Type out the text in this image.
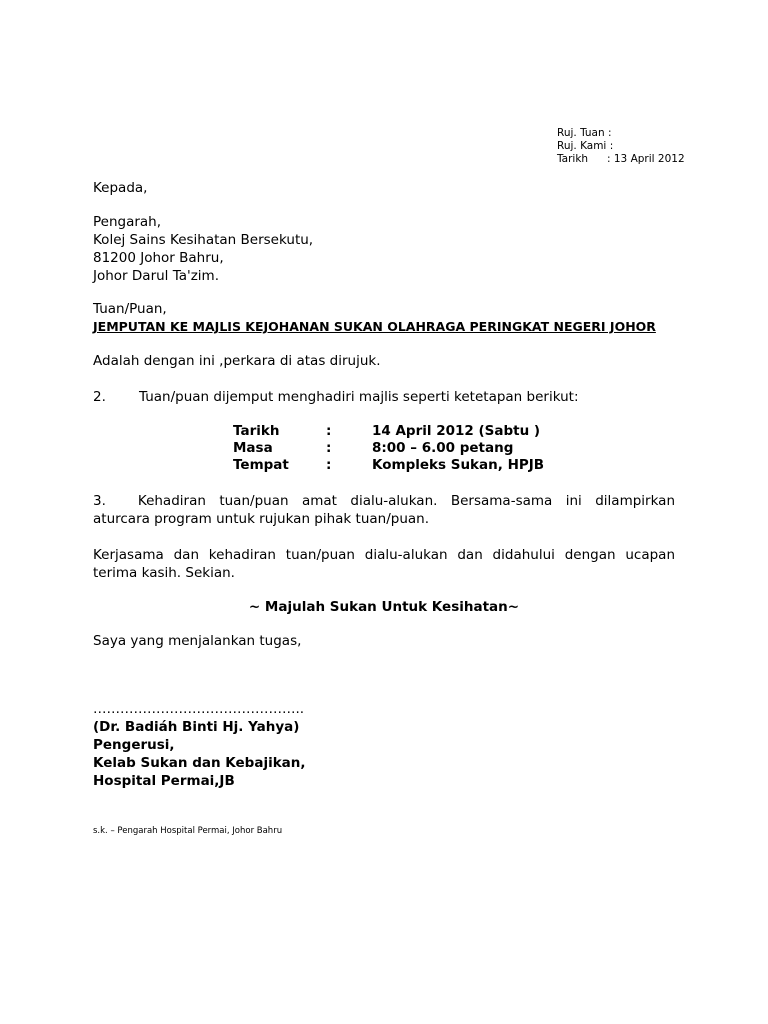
Ruj. Tuan :
Ruj. Kami :
Tarikh : 13 April 2012
Kepada,
Pengarah,
Kolej Sains Kesihatan Bersekutu,
81200 Johor Bahru,
Johor Darul Ta'zim.
Tuan/Puan,
JEMPUTAN KE MAJLIS KEJOHANAN SUKAN OLAHRAGA PERINGKAT NEGERI JOHOR
Adalah dengan ini ,perkara di atas dirujuk.
2. Tuan/puan dijemput menghadiri majlis seperti ketetapan berikut:
Tarikh	:	14 April 2012 (Sabtu )
Masa	:	8:00 – 6.00 petang
Tempat	:	Kompleks Sukan, HPJB
3. Kehadiran tuan/puan amat dialu-alukan. Bersama-sama ini dilampirkan aturcara program untuk rujukan pihak tuan/puan.
Kerjasama dan kehadiran tuan/puan dialu-alukan dan didahului dengan ucapan terima kasih. Sekian.
~ Majulah Sukan Untuk Kesihatan~
Saya yang menjalankan tugas,
………………………………………..
(Dr. Badiáh Binti Hj. Yahya)
Pengerusi,
Kelab Sukan dan Kebajikan,
Hospital Permai,JB
s.k. – Pengarah Hospital Permai, Johor Bahru
